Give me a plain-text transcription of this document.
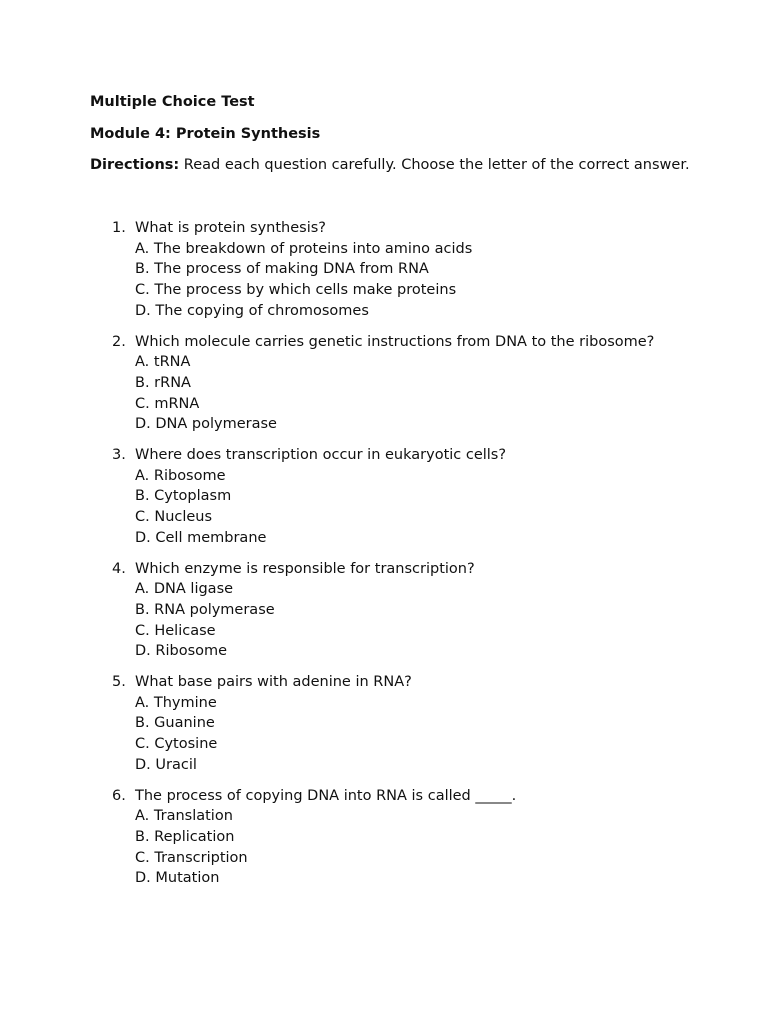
Multiple Choice Test
Module 4: Protein Synthesis
Directions: Read each question carefully. Choose the letter of the correct answer.
1. What is protein synthesis?
A. The breakdown of proteins into amino acids
B. The process of making DNA from RNA
C. The process by which cells make proteins
D. The copying of chromosomes
2. Which molecule carries genetic instructions from DNA to the ribosome?
A. tRNA
B. rRNA
C. mRNA
D. DNA polymerase
3. Where does transcription occur in eukaryotic cells?
A. Ribosome
B. Cytoplasm
C. Nucleus
D. Cell membrane
4. Which enzyme is responsible for transcription?
A. DNA ligase
B. RNA polymerase
C. Helicase
D. Ribosome
5. What base pairs with adenine in RNA?
A. Thymine
B. Guanine
C. Cytosine
D. Uracil
6. The process of copying DNA into RNA is called _____.
A. Translation
B. Replication
C. Transcription
D. Mutation
